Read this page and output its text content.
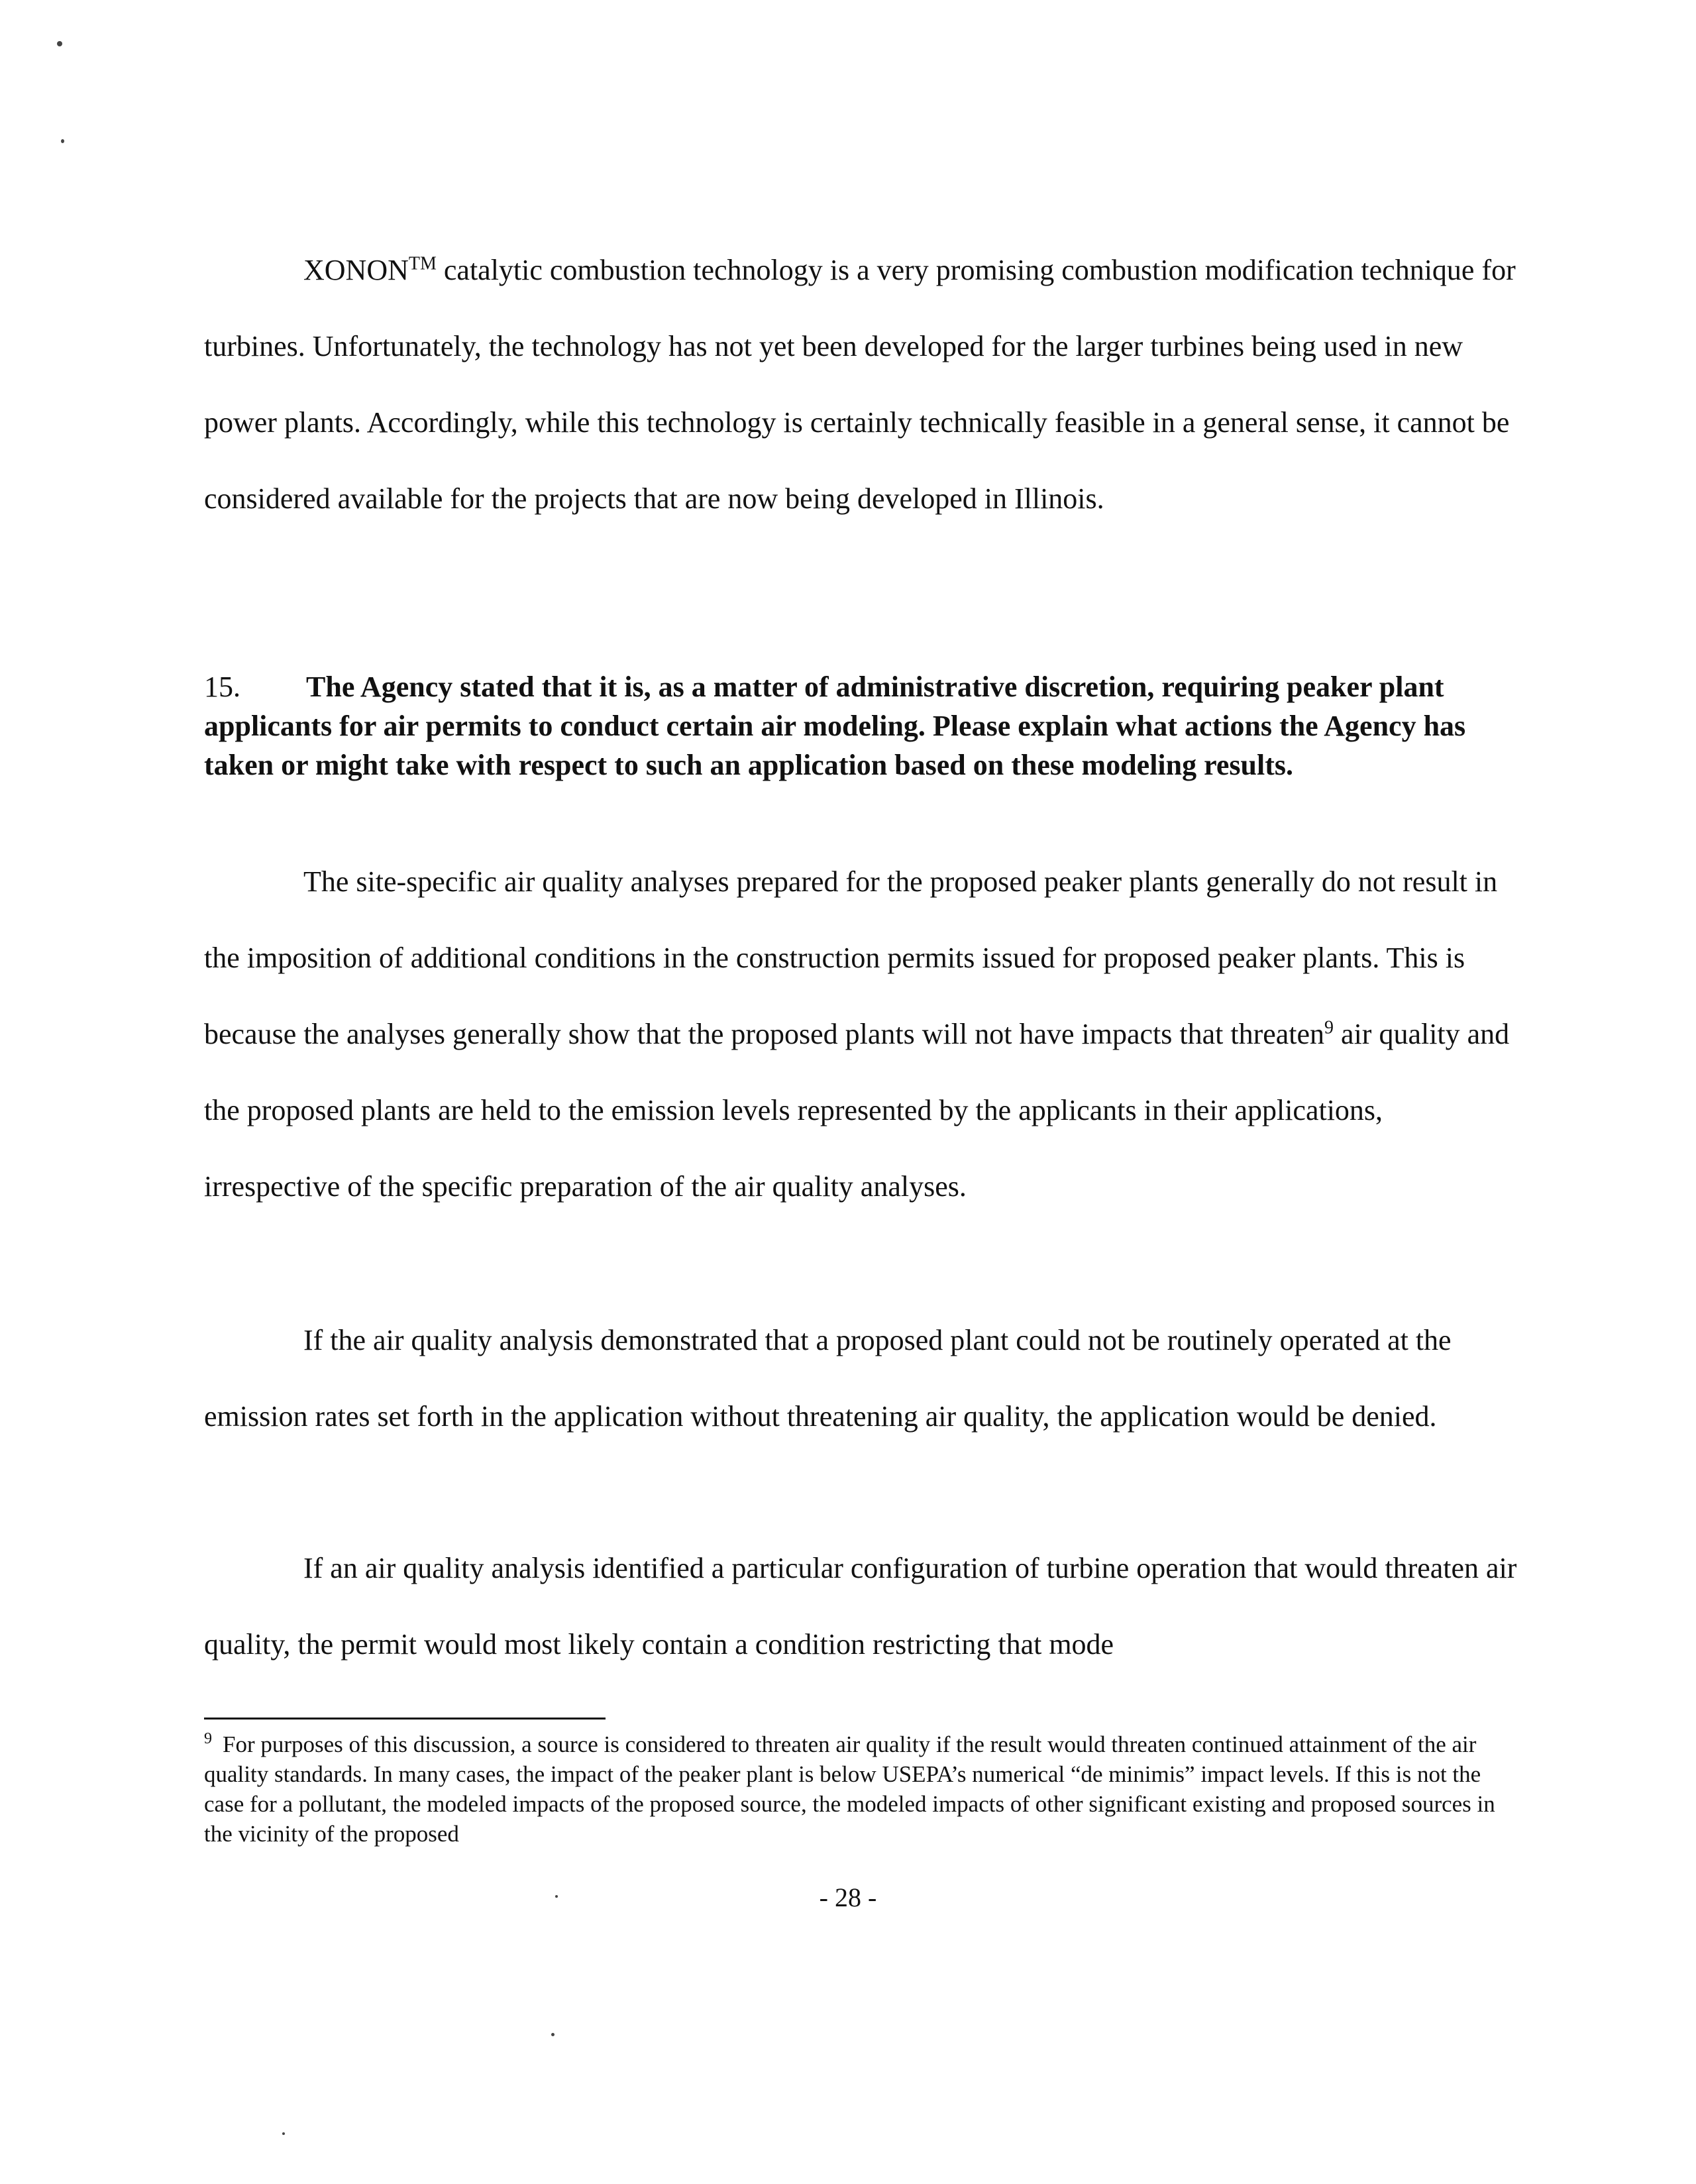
XONON™ catalytic combustion technology is a very promising combustion modification technique for turbines. Unfortunately, the technology has not yet been developed for the larger turbines being used in new power plants. Accordingly, while this technology is certainly technically feasible in a general sense, it cannot be considered available for the projects that are now being developed in Illinois.

15. The Agency stated that it is, as a matter of administrative discretion, requiring peaker plant applicants for air permits to conduct certain air modeling. Please explain what actions the Agency has taken or might take with respect to such an application based on these modeling results.

The site-specific air quality analyses prepared for the proposed peaker plants generally do not result in the imposition of additional conditions in the construction permits issued for proposed peaker plants. This is because the analyses generally show that the proposed plants will not have impacts that threaten$^9$ air quality and the proposed plants are held to the emission levels represented by the applicants in their applications, irrespective of the specific preparation of the air quality analyses.

If the air quality analysis demonstrated that a proposed plant could not be routinely operated at the emission rates set forth in the application without threatening air quality, the application would be denied.

If an air quality analysis identified a particular configuration of turbine operation that would threaten air quality, the permit would most likely contain a condition restricting that mode

$^9$ For purposes of this discussion, a source is considered to threaten air quality if the result would threaten continued attainment of the air quality standards. In many cases, the impact of the peaker plant is below USEPA’s numerical “de minimis” impact levels. If this is not the case for a pollutant, the modeled impacts of the proposed source, the modeled impacts of other significant existing and proposed sources in the vicinity of the proposed

- 28 -
